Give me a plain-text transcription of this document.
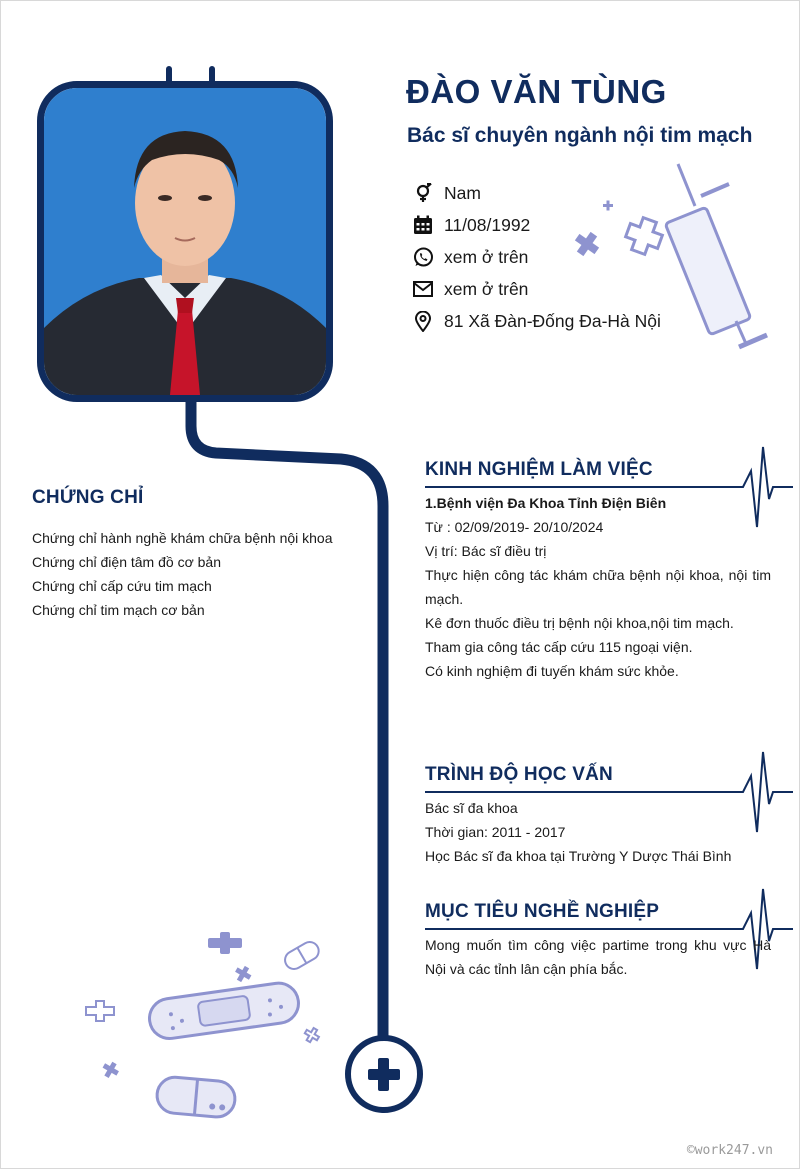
ĐÀO VĂN TÙNG
Bác sĩ chuyên ngành nội tim mạch
Nam
11/08/1992
xem ở trên
xem ở trên
81 Xã Đàn-Đống Đa-Hà Nội
CHỨNG CHỈ
Chứng chỉ hành nghề khám chữa bệnh nội khoa
Chứng chỉ điện tâm đồ cơ bản
Chứng chỉ cấp cứu tim mạch
Chứng chỉ tim mạch cơ bản
KINH NGHIỆM LÀM VIỆC
1.Bệnh viện Đa Khoa Tỉnh Điện Biên
Từ : 02/09/2019- 20/10/2024
Vị trí: Bác sĩ điều trị
Thực hiện công tác khám chữa bệnh nội khoa, nội tim mạch.
Kê đơn thuốc điều trị bệnh nội khoa,nội tim mạch.
Tham gia công tác cấp cứu 115 ngoại viện.
Có kinh nghiệm đi tuyến khám sức khỏe.
TRÌNH ĐỘ HỌC VẤN
Bác sĩ đa khoa
Thời gian: 2011 - 2017
Học Bác sĩ đa khoa tại Trường Y Dược Thái Bình
MỤC TIÊU NGHỀ NGHIỆP
Mong muốn tìm công việc partime trong khu vực Hà Nội và các tỉnh lân cận phía bắc.
©work247.vn
